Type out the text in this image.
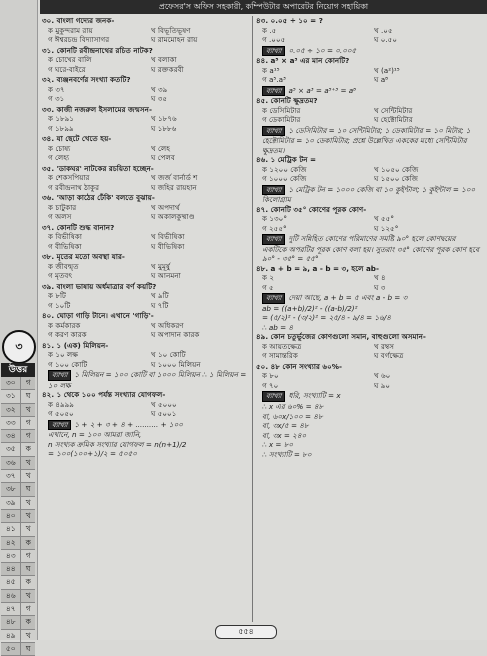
প্রফেসর'স অফিস সহকারী, কম্পিউটার অপারেটর নিয়োগ সহায়িকা
৩
উত্তর
৩০	গ
৩১	ঘ
৩২	খ
৩৩	গ
৩৪	গ
৩৫	ক
৩৬	খ
৩৭	খ
৩৮	ঘ
৩৯	খ
৪০	খ
৪১	খ
৪২	ক
৪৩	গ
৪৪	ঘ
৪৫	ক
৪৬	খ
৪৭	গ
৪৮	ক
৪৯	খ
৫০	ঘ
৩০. বাংলা গদ্যের জনক-
ক মুকুন্দরাম রায়	খ বিভূতিভূষণ
গ ঈশ্বরচন্দ্র বিদ্যাসাগর	ঘ রামমোহন রায়
৩১. কোনটি রবীন্দ্রনাথের রচিত নাটক?
ক চোখের বালি	খ বলাকা
গ ঘরে-বাইরে	ঘ রক্তকরবী
৩২. ব্যঞ্জনবর্ণের সংখ্যা কতটি?
ক ৩৭	খ ৩৯
গ ৩১	ঘ ৩৫
৩৩. কাজী নজরুল ইসলামের জন্মসন-
ক ১৮৯১	খ ১৮৭৬
গ ১৮৯৯	ঘ ১৮৮৬
৩৪. যা ছেটে খেতে হয়-
ক চোষ্য	খ লেহ
গ লেহ্য	ঘ পেলব
৩৫. 'ডাকঘর' নাটকের রচয়িতা হচ্ছেন-
ক শেকসপিয়ার	খ জর্জ বার্নার্ড শ
গ রবীন্দ্রনাথ ঠাকুর	ঘ জহির রায়হান
৩৬. 'আড়া কাঠের ঢেঁকি' বলতে বুঝায়-
ক চাটুকার	খ অপদার্থ
গ অলস	ঘ অকালকুষ্মাণ্ড
৩৭. কোনটি শুদ্ধ বানান?
ক বিভীষিকা	খ বিভীষিকা
গ বীভিষিকা	ঘ বীভিষিকা
৩৮. মৃতের মতো অবস্থা যার-
ক জীবন্মৃত	খ মুমূর্ষু
গ মৃতবৎ	ঘ আনমনা
৩৯. বাংলা ভাষায় অর্ধমাত্রার বর্ণ কয়টি?
ক ৮টি	খ ৯টি
গ ১০টি	ঘ ৭টি
৪০. ঘোড়া গাড়ি টানে। এখানে 'গাড়ি'-
ক কর্মকারক	খ অধিকরণ
গ করণ কারক	ঘ অপাদান কারক
৪১. ১ (এক) মিলিয়ন-
ক ১০ লক্ষ	খ ১০ কোটি
গ ১০০ কোটি	ঘ ১০০০ মিলিয়ন
ব্যাখ্যা ১ মিলিয়ন = ১০০ কোটি বা ১০০০ মিলিয়ন ∴ ১ মিলিয়ন = ১০ লক্ষ
৪২. ১ থেকে ১০০ পর্যন্ত সংখ্যার যোগফল-
ক ৪৯৯৯	খ ৫০০০
গ ৫০৫০	ঘ ৫০০১
ব্যাখ্যা ১ + ২ + ৩ + ৪ + .......... + ১০০
এখানে, n = ১০০ আমরা জানি,
n সংখ্যক ক্রমিক সংখ্যার যোগফল = n(n+1)/2
= ১০০(১০০+১)/২ = ৫০৫০
৪৩. ০.০৫ ÷ ১০ = ?
ক .৫	খ .০৫
গ .০০৫	ঘ ০.৫০
ব্যাখ্যা ০.০৫ ÷ ১০ = ০.০০৫
৪৪. a⁵ × a³ এর মান কোনটি?
ক a¹⁵	খ (a²)¹⁵
গ a⁵.a³	ঘ a⁸
ব্যাখ্যা a⁵ × a³ = a⁵⁺³ = a⁸
৪৫. কোনটি ক্ষুদ্রতম?
ক ডেসিমিটার	খ সেন্টিমিটার
গ ডেকামিটার	ঘ হেক্টোমিটার
ব্যাখ্যা ১ ডেসিমিটার = ১০ সেন্টিমিটার; ১ ডেকামিটার = ১০ মিটার; ১ হেক্টোমিটার = ১০ ডেকামিটার; প্রশ্নে উল্লেখিত এককের মধ্যে সেন্টিমিটার ক্ষুদ্রতম।
৪৬. ১ মেট্রিক টন =
ক ১২০০ কেজি	খ ১০৫০ কেজি
গ ১০০০ কেজি	ঘ ১৫০০ কেজি
ব্যাখ্যা ১ মেট্রিক টন = ১০০০ কেজি বা ১০ কুইন্টাল; ১ কুইন্টাল = ১০০ কিলোগ্রাম
৪৭. কোনটি ৩৫° কোণের পূরক কোণ-
ক ১৩০°	খ ৫৫°
গ ২৫৫°	ঘ ১২৫°
ব্যাখ্যা দুটি সন্নিহিত কোণের পরিমাণের সমষ্টি ৯০° হলে কোণদ্বয়ের একটিকে অপরটির পূরক কোণ বলা হয়। সুতরাং ৩৫° কোণের পূরক কোণ হবে ৯০° - ৩৫° = ৫৫°
৪৮. a + b = ৯, a - b = ৩, হলে ab-
ক ২	খ ৪
গ ৫	ঘ ৩
ব্যাখ্যা দেয়া আছে, a + b = ৫ এবং a - b = ৩
ab = ((a+b)/2)² - ((a-b)/2)²
= (৫/২)² - (৩/২)² = ২৫/৪ - ৯/৪ = ১৬/৪
∴ ab = ৪
৪৯. কোন চতুর্ভুজের কোণগুলো সমান, বাহুগুলো অসমান-
ক আয়তক্ষেত্র	খ রম্বস
গ সামান্তরিক	ঘ বর্গক্ষেত্র
৫০. ৪৮ কোন সংখ্যার ৬০%-
ক ৮০	খ ৬০
গ ৭০	ঘ ৯০
ব্যাখ্যা ধরি, সংখ্যাটি = x
∴ x এর ৬০% = ৪৮
বা, ৬০x/১০০ = ৪৮
বা, ৩x/৫ = ৪৮
বা, ৩x = ২৪০
∴ x = ৮০
∴ সংখ্যাটি = ৮০
৫৫৪
